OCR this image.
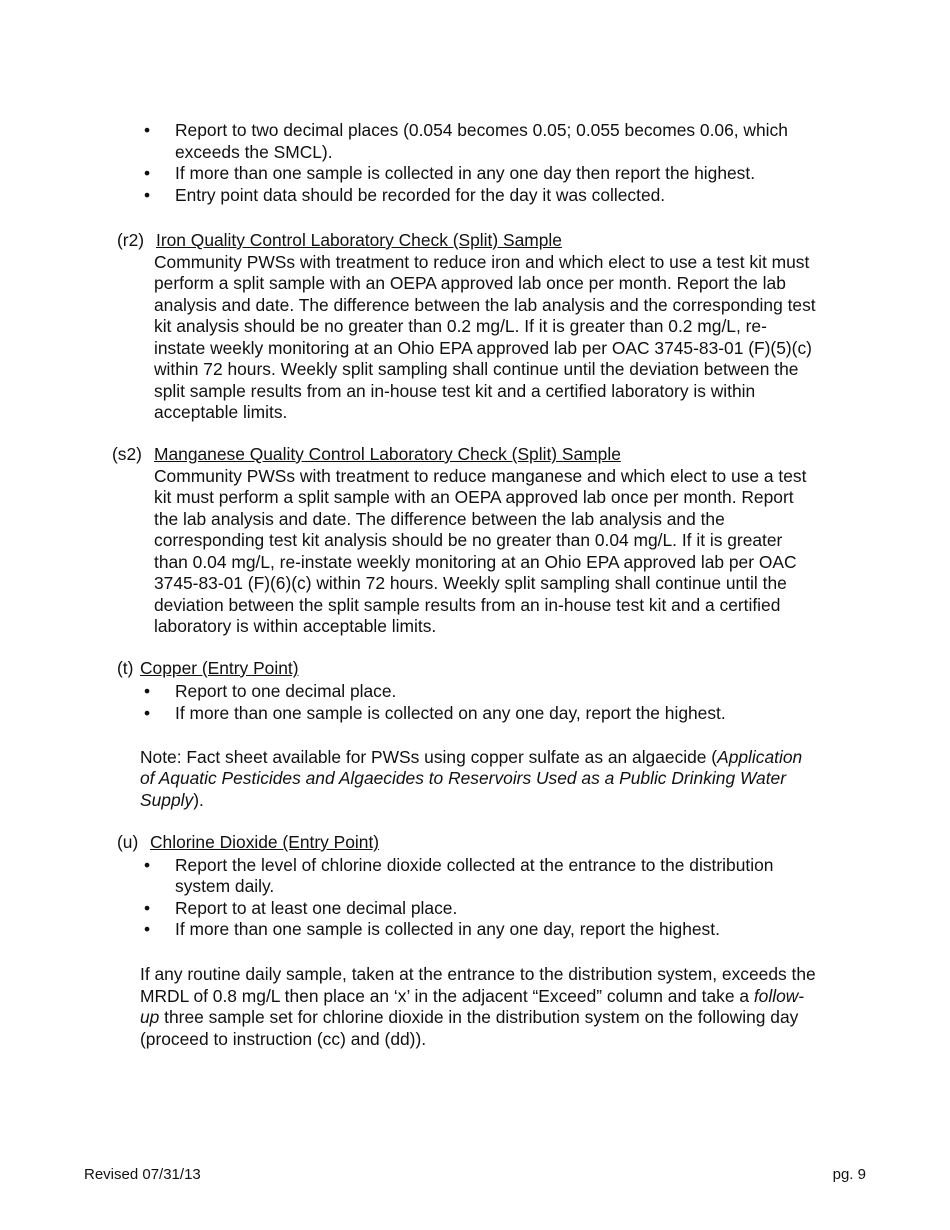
• Report to two decimal places (0.054 becomes 0.05; 0.055 becomes 0.06, which
exceeds the SMCL).
• If more than one sample is collected in any one day then report the highest.
• Entry point data should be recorded for the day it was collected.
(r2) Iron Quality Control Laboratory Check (Split) Sample
Community PWSs with treatment to reduce iron and which elect to use a test kit must
perform a split sample with an OEPA approved lab once per month. Report the lab
analysis and date. The difference between the lab analysis and the corresponding test
kit analysis should be no greater than 0.2 mg/L. If it is greater than 0.2 mg/L, re-
instate weekly monitoring at an Ohio EPA approved lab per OAC 3745-83-01 (F)(5)(c)
within 72 hours. Weekly split sampling shall continue until the deviation between the
split sample results from an in-house test kit and a certified laboratory is within
acceptable limits.
(s2) Manganese Quality Control Laboratory Check (Split) Sample
Community PWSs with treatment to reduce manganese and which elect to use a test
kit must perform a split sample with an OEPA approved lab once per month. Report
the lab analysis and date. The difference between the lab analysis and the
corresponding test kit analysis should be no greater than 0.04 mg/L. If it is greater
than 0.04 mg/L, re-instate weekly monitoring at an Ohio EPA approved lab per OAC
3745-83-01 (F)(6)(c) within 72 hours. Weekly split sampling shall continue until the
deviation between the split sample results from an in-house test kit and a certified
laboratory is within acceptable limits.
(t) Copper (Entry Point)
• Report to one decimal place.
• If more than one sample is collected on any one day, report the highest.
Note: Fact sheet available for PWSs using copper sulfate as an algaecide (Application
of Aquatic Pesticides and Algaecides to Reservoirs Used as a Public Drinking Water
Supply).
(u) Chlorine Dioxide (Entry Point)
• Report the level of chlorine dioxide collected at the entrance to the distribution
system daily.
• Report to at least one decimal place.
• If more than one sample is collected in any one day, report the highest.
If any routine daily sample, taken at the entrance to the distribution system, exceeds the
MRDL of 0.8 mg/L then place an ‘x’ in the adjacent “Exceed” column and take a follow-
up three sample set for chlorine dioxide in the distribution system on the following day
(proceed to instruction (cc) and (dd)).
Revised 07/31/13	pg. 9
